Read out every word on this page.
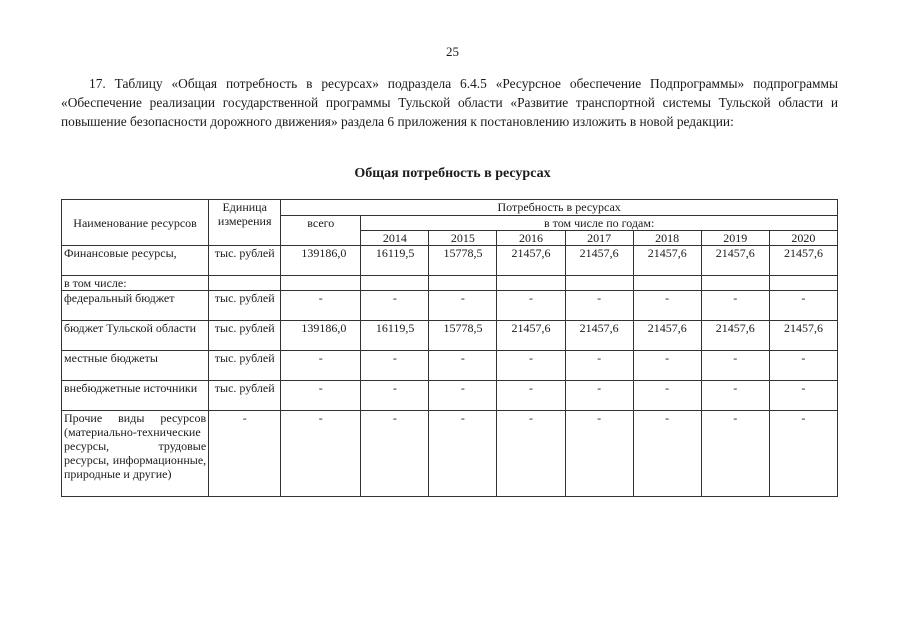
25
17. Таблицу «Общая потребность в ресурсах» подраздела 6.4.5 «Ресурсное обеспечение Подпрограммы» подпрограммы «Обеспечение реализации государственной программы Тульской области «Развитие транспортной системы Тульской области и повышение безопасности дорожного движения» раздела 6 приложения к постановлению изложить в новой редакции:
Общая потребность в ресурсах
Наименование ресурсов	Единица измерения	Потребность в ресурсах							
		всего	в том числе по годам:						
			2014	2015	2016	2017	2018	2019	2020
Финансовые ресурсы,	тыс. рублей	139186,0	16119,5	15778,5	21457,6	21457,6	21457,6	21457,6	21457,6
в том числе:									
федеральный бюджет	тыс. рублей	-	-	-	-	-	-	-	-
бюджет Тульской области	тыс. рублей	139186,0	16119,5	15778,5	21457,6	21457,6	21457,6	21457,6	21457,6
местные бюджеты	тыс. рублей	-	-	-	-	-	-	-	-
внебюджетные источники	тыс. рублей	-	-	-	-	-	-	-	-
Прочие виды ресурсов (материально-технические ресурсы, трудовые ресурсы, информационные, природные и другие)	-	-	-	-	-	-	-	-	-
